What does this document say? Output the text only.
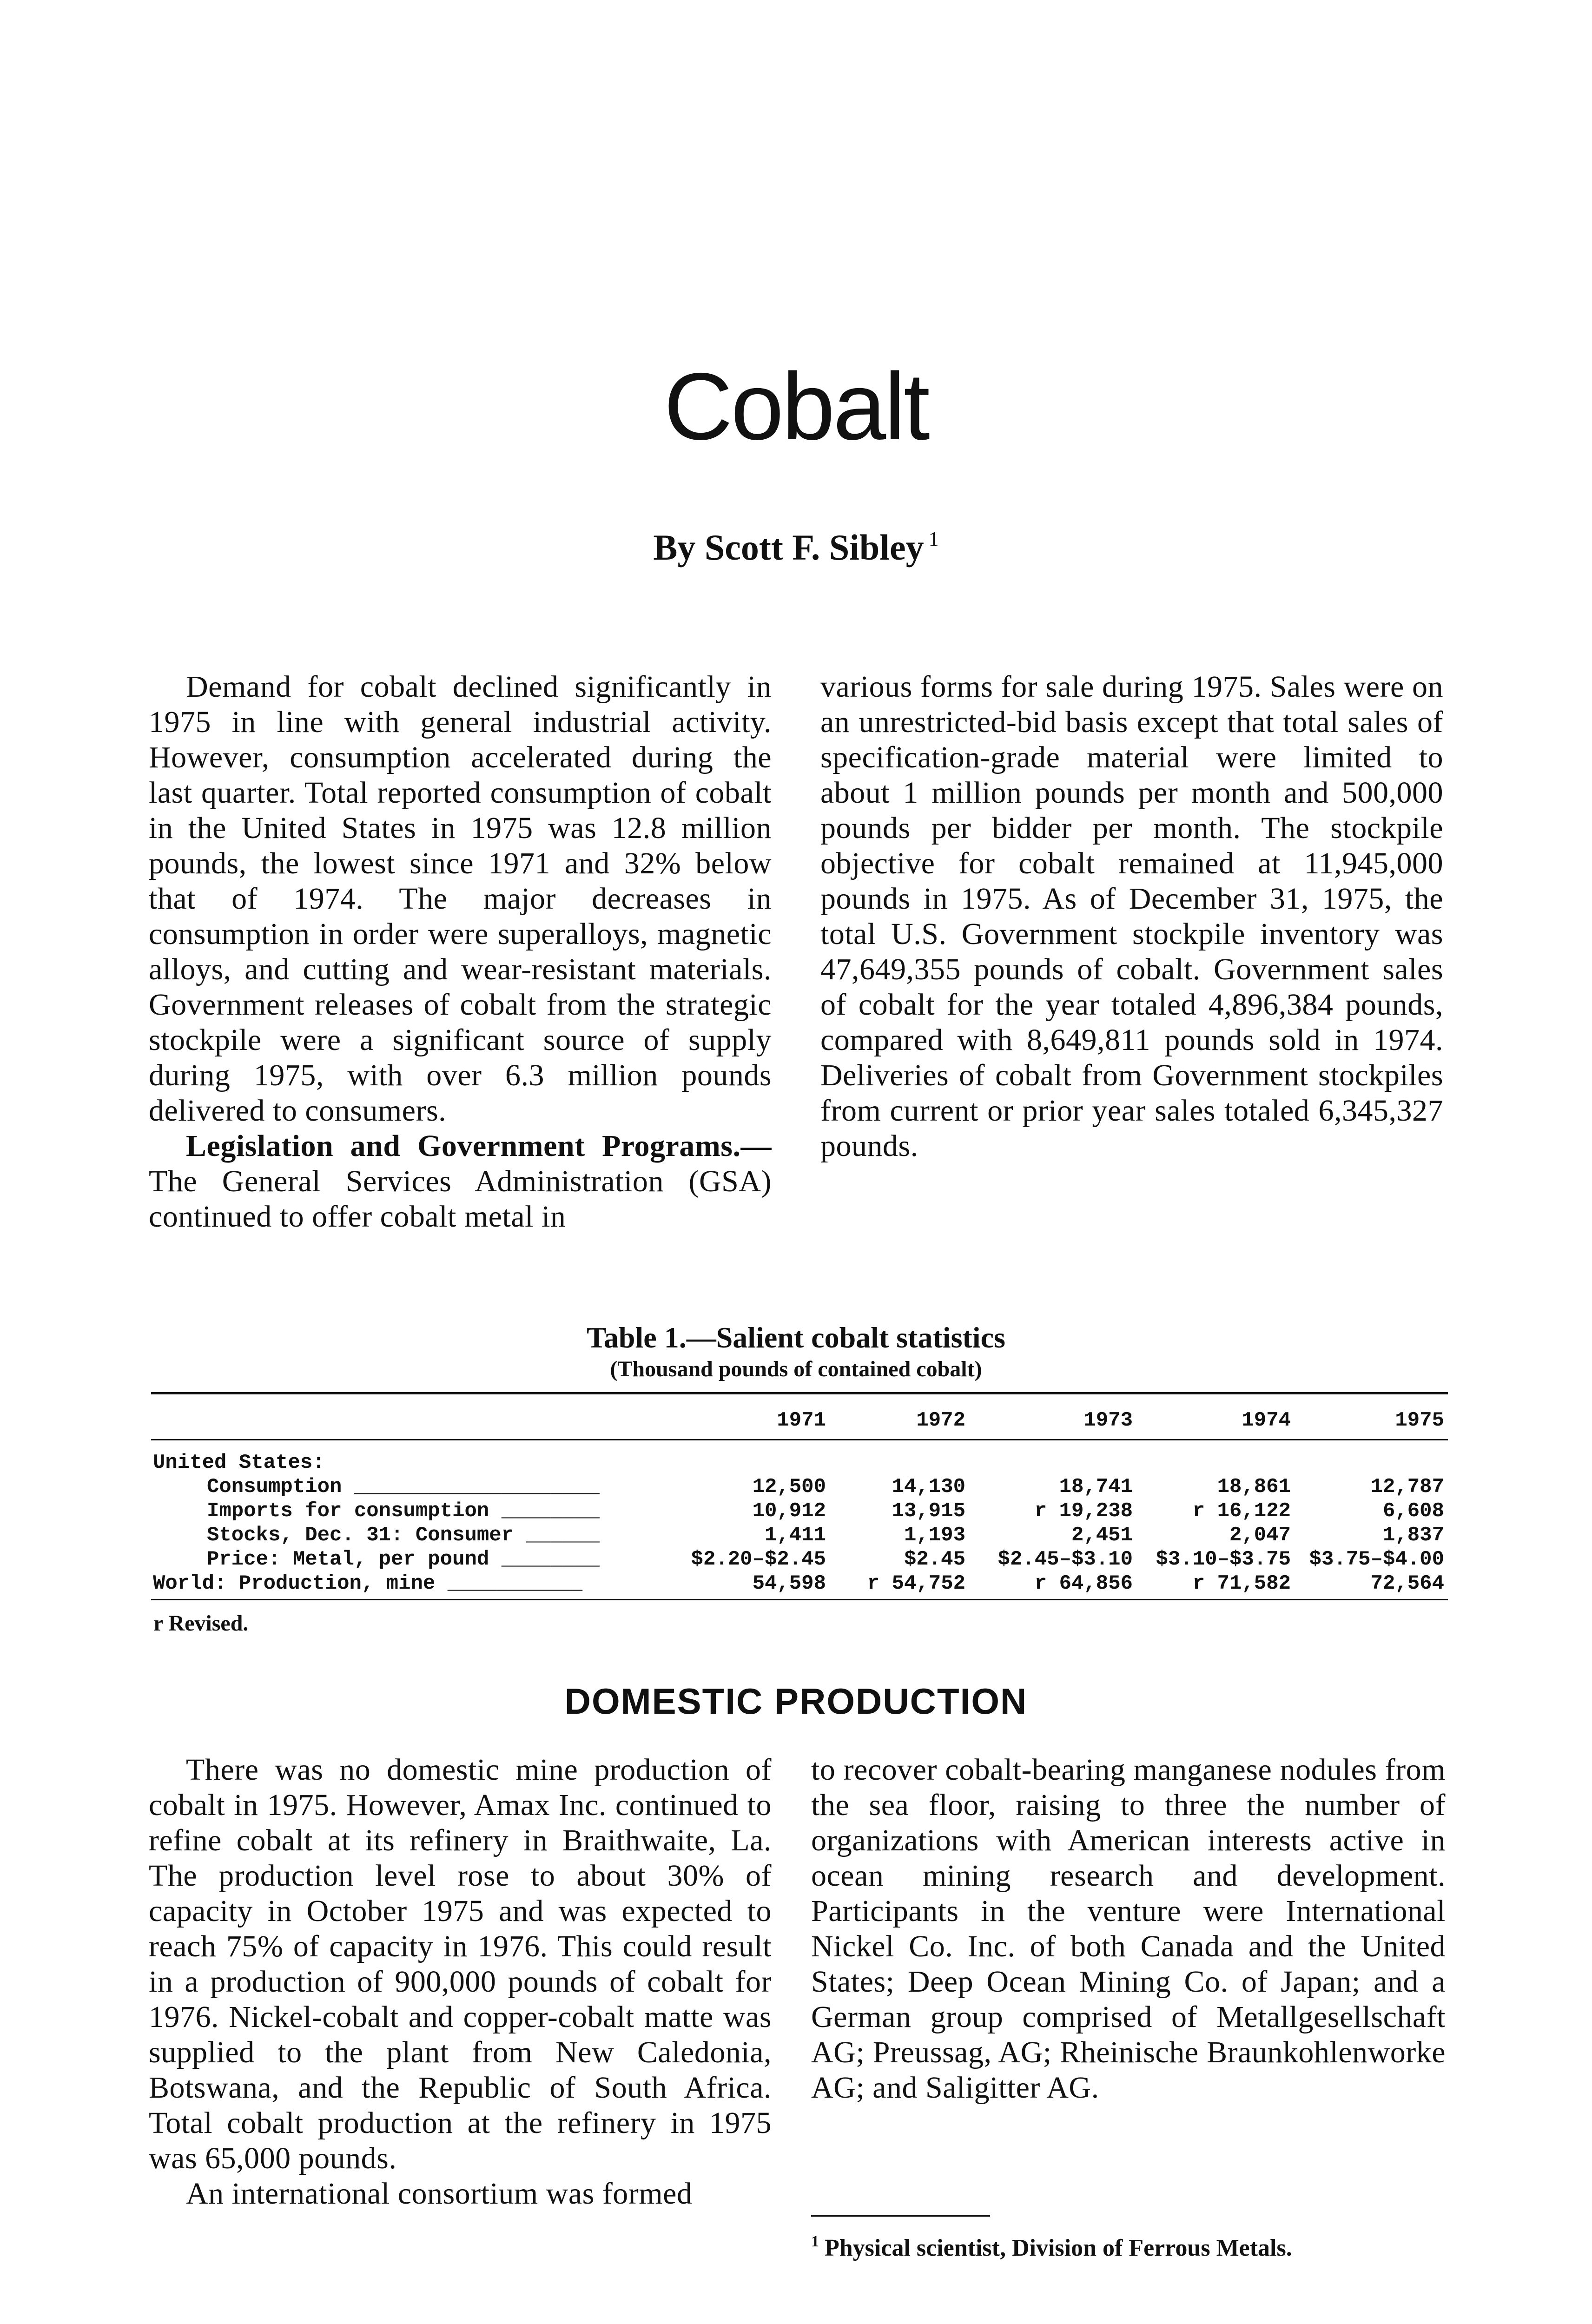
Cobalt
By Scott F. Sibley $^1$

Demand for cobalt declined significantly in 1975 in line with general industrial activity. However, consumption accelerated during the last quarter. Total reported consumption of cobalt in the United States in 1975 was 12.8 million pounds, the lowest since 1971 and 32% below that of 1974. The major decreases in consumption in order were superalloys, magnetic alloys, and cutting and wear-resistant materials. Government releases of cobalt from the strategic stockpile were a significant source of supply during 1975, with over 6.3 million pounds delivered to consumers.

Legislation and Government Programs.— The General Services Administration (GSA) continued to offer cobalt metal in

various forms for sale during 1975. Sales were on an unrestricted-bid basis except that total sales of specification-grade material were limited to about 1 million pounds per month and 500,000 pounds per bidder per month. The stockpile objective for cobalt remained at 11,945,000 pounds in 1975. As of December 31, 1975, the total U.S. Government stockpile inventory was 47,649,355 pounds of cobalt. Government sales of cobalt for the year totaled 4,896,384 pounds, compared with 8,649,811 pounds sold in 1974. Deliveries of cobalt from Government stockpiles from current or prior year sales totaled 6,345,327 pounds.

Table 1.—Salient cobalt statistics
(Thousand pounds of contained cobalt)
	1971	1972	1973	1974	1975

United States:					
Consumption ____________________	12,500	14,130	18,741	18,861	12,787
Imports for consumption ________	10,912	13,915	r 19,238	r 16,122	6,608
Stocks, Dec. 31: Consumer ______	1,411	1,193	2,451	2,047	1,837
Price: Metal, per pound ________	$2.20–$2.45	$2.45	$2.45–$3.10	$3.10–$3.75	$3.75–$4.00
World: Production, mine ___________	54,598	r 54,752	r 64,856	r 71,582	72,564
r Revised.
DOMESTIC PRODUCTION

There was no domestic mine production of cobalt in 1975. However, Amax Inc. continued to refine cobalt at its refinery in Braithwaite, La. The production level rose to about 30% of capacity in October 1975 and was expected to reach 75% of capacity in 1976. This could result in a production of 900,000 pounds of cobalt for 1976. Nickel-cobalt and copper-cobalt matte was supplied to the plant from New Caledonia, Botswana, and the Republic of South Africa. Total cobalt production at the refinery in 1975 was 65,000 pounds.

An international consortium was formed

to recover cobalt-bearing manganese nodules from the sea floor, raising to three the number of organizations with American interests active in ocean mining research and development. Participants in the venture were International Nickel Co. Inc. of both Canada and the United States; Deep Ocean Mining Co. of Japan; and a German group comprised of Metallgesellschaft AG; Preussag, AG; Rheinische Braunkohlenworke AG; and Saligitter AG.

$^1$ Physical scientist, Division of Ferrous Metals.
